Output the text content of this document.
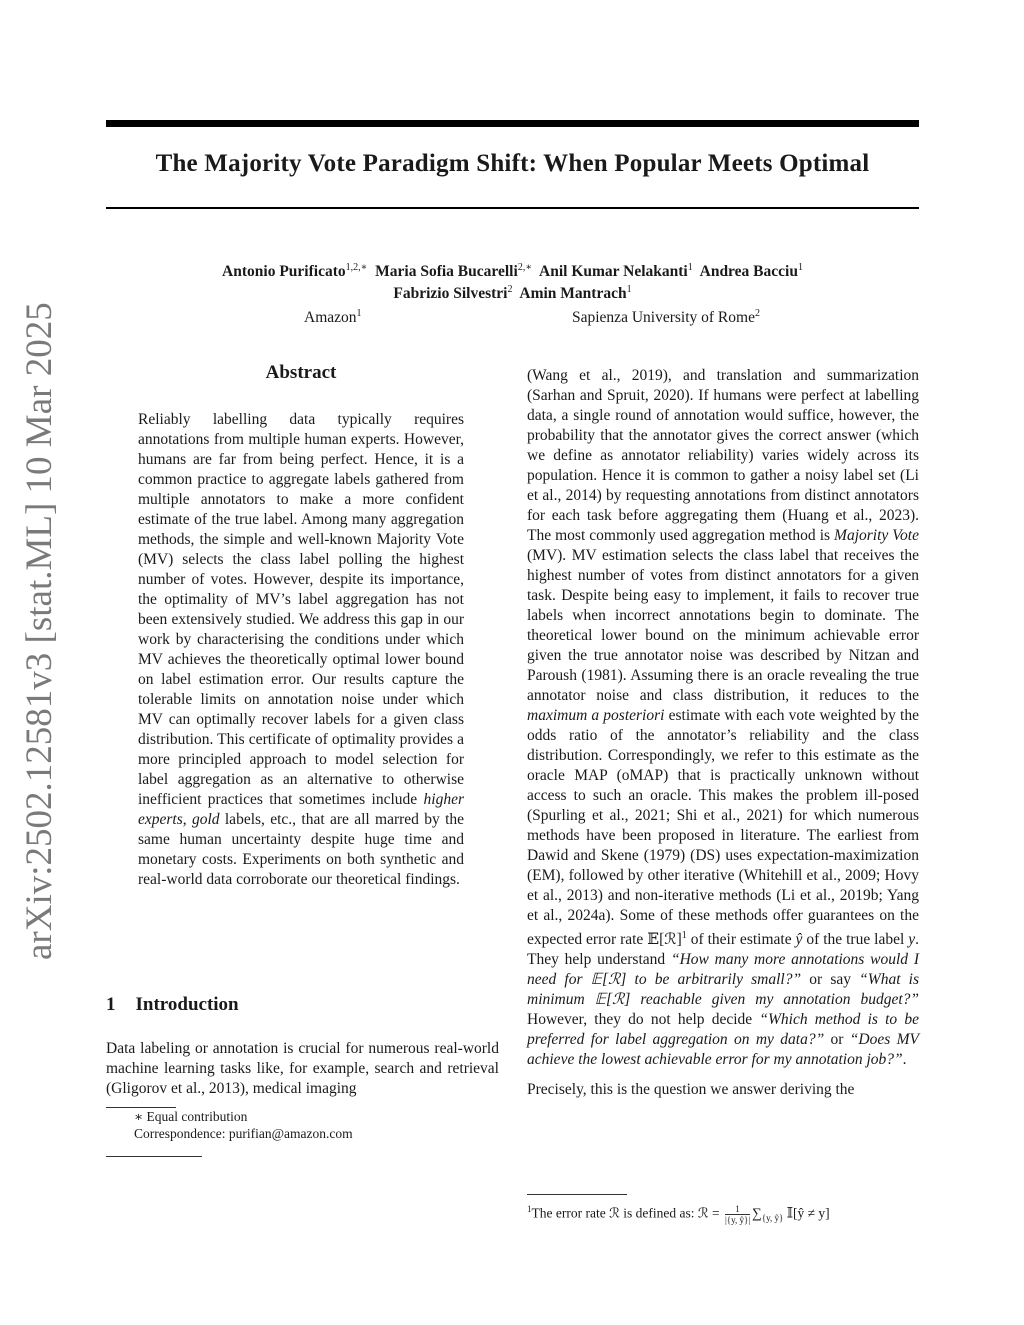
arXiv:2502.12581v3 [stat.ML] 10 Mar 2025
The Majority Vote Paradigm Shift: When Popular Meets Optimal
Antonio Purificato$^{1,2,∗}$ Maria Sofia Bucarelli$^{2,∗}$ Anil Kumar Nelakanti$^1$ Andrea Bacciu$^1$
Fabrizio Silvestri$^2$ Amin Mantrach$^1$
Amazon$^1$	Sapienza University of Rome$^2$
Abstract
Reliably labelling data typically requires annotations from multiple human experts. However, humans are far from being perfect. Hence, it is a common practice to aggregate labels gathered from multiple annotators to make a more confident estimate of the true label. Among many aggregation methods, the simple and well-known Majority Vote (MV) selects the class label polling the highest number of votes. However, despite its importance, the optimality of MV’s label aggregation has not been extensively studied. We address this gap in our work by characterising the conditions under which MV achieves the theoretically optimal lower bound on label estimation error. Our results capture the tolerable limits on annotation noise under which MV can optimally recover labels for a given class distribution. This certificate of optimality provides a more principled approach to model selection for label aggregation as an alternative to otherwise inefficient practices that sometimes include higher experts, gold labels, etc., that are all marred by the same human uncertainty despite huge time and monetary costs. Experiments on both synthetic and real-world data corroborate our theoretical findings.
1 Introduction
Data labeling or annotation is crucial for numerous real-world machine learning tasks like, for example, search and retrieval (Gligorov et al., 2013), medical imaging
∗ Equal contribution
Correspondence: purifian@amazon.com

(Wang et al., 2019), and translation and summarization (Sarhan and Spruit, 2020). If humans were perfect at labelling data, a single round of annotation would suffice, however, the probability that the annotator gives the correct answer (which we define as annotator reliability) varies widely across its population. Hence it is common to gather a noisy label set (Li et al., 2014) by requesting annotations from distinct annotators for each task before aggregating them (Huang et al., 2023). The most commonly used aggregation method is Majority Vote (MV). MV estimation selects the class label that receives the highest number of votes from distinct annotators for a given task. Despite being easy to implement, it fails to recover true labels when incorrect annotations begin to dominate. The theoretical lower bound on the minimum achievable error given the true annotator noise was described by Nitzan and Paroush (1981). Assuming there is an oracle revealing the true annotator noise and class distribution, it reduces to the maximum a posteriori estimate with each vote weighted by the odds ratio of the annotator’s reliability and the class distribution. Correspondingly, we refer to this estimate as the oracle MAP (oMAP) that is practically unknown without access to such an oracle. This makes the problem ill-posed (Spurling et al., 2021; Shi et al., 2021) for which numerous methods have been proposed in literature. The earliest from Dawid and Skene (1979) (DS) uses expectation-maximization (EM), followed by other iterative (Whitehill et al., 2009; Hovy et al., 2013) and non-iterative methods (Li et al., 2019b; Yang et al., 2024a). Some of these methods offer guarantees on the expected error rate 𝔼[ℛ]$^1$ of their estimate ŷ of the true label y. They help understand “How many more annotations would I need for 𝔼[ℛ] to be arbitrarily small?” or say “What is minimum 𝔼[ℛ] reachable given my annotation budget?” However, they do not help decide “Which method is to be preferred for label aggregation on my data?” or “Does MV achieve the lowest achievable error for my annotation job?”.

Precisely, this is the question we answer deriving the

$^1$The error rate ℛ is defined as: ℛ = $\frac{1}{|\{y, ŷ\}|} \sum_{\{y, ŷ\}}$ 𝕀[ŷ ≠ y]
